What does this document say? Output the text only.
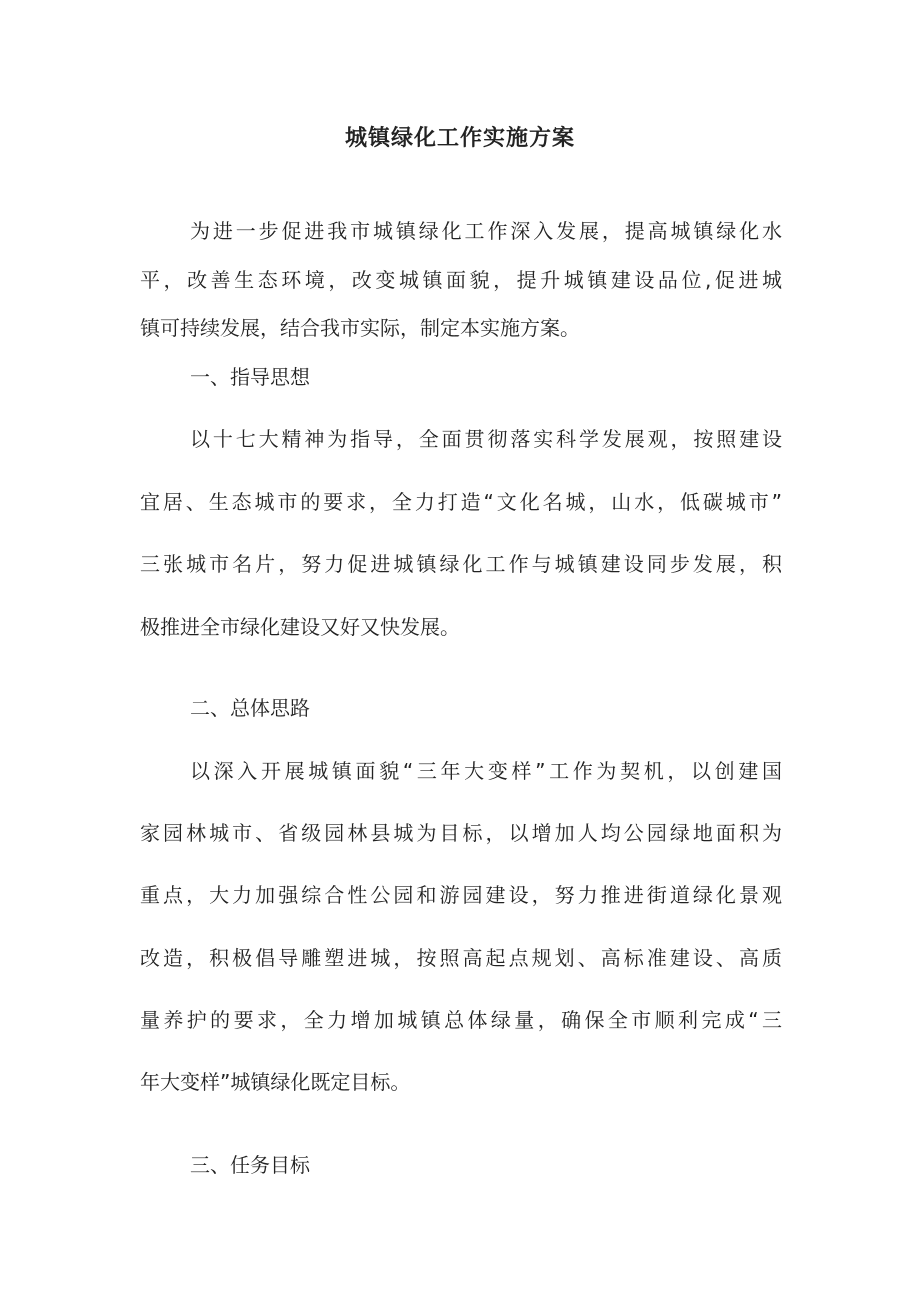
城镇绿化工作实施方案
为进一步促进我市城镇绿化工作深入发展，提高城镇绿化水
平，改善生态环境，改变城镇面貌，提升城镇建设品位,促进城
镇可持续发展，结合我市实际，制定本实施方案。
一、指导思想
以十七大精神为指导，全面贯彻落实科学发展观，按照建设
宜居、生态城市的要求，全力打造“文化名城，山水，低碳城市”
三张城市名片，努力促进城镇绿化工作与城镇建设同步发展，积
极推进全市绿化建设又好又快发展。
二、总体思路
以深入开展城镇面貌“三年大变样”工作为契机，以创建国
家园林城市、省级园林县城为目标，以增加人均公园绿地面积为
重点，大力加强综合性公园和游园建设，努力推进街道绿化景观
改造，积极倡导雕塑进城，按照高起点规划、高标准建设、高质
量养护的要求，全力增加城镇总体绿量，确保全市顺利完成“三
年大变样”城镇绿化既定目标。
三、任务目标
